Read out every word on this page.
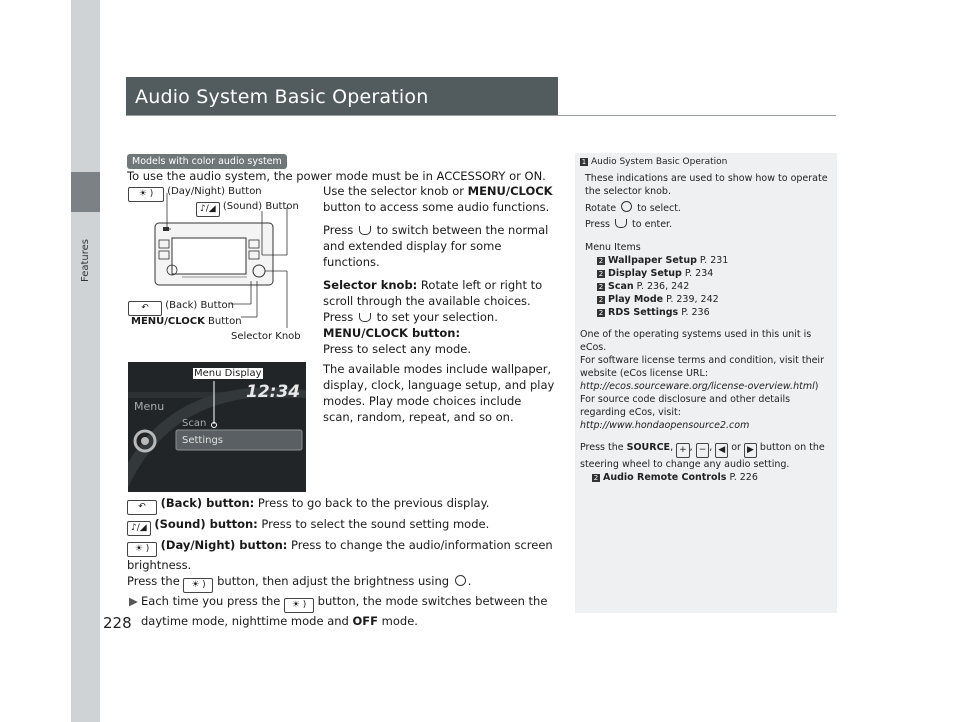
Features
228
Audio System Basic Operation
Models with color audio system
To use the audio system, the power mode must be in ACCESSORY or ON.
☀ ) (Day/Night) Button
♪/◢ (Sound) Button
↶ (Back) Button
MENU/CLOCK Button
Selector Knob
Use the selector knob or MENU/CLOCK button to access some audio functions.
Press  to switch between the normal and extended display for some functions.
Selector knob: Rotate left or right to scroll through the available choices. Press  to set your selection.
MENU/CLOCK button:
Press to select any mode.
The available modes include wallpaper, display, clock, language setup, and play modes. Play mode choices include scan, random, repeat, and so on.
12:34
Menu
Scan
Settings
Menu Display
↶ (Back) button: Press to go back to the previous display.
♪/◢ (Sound) button: Press to select the sound setting mode.
☀ ) (Day/Night) button: Press to change the audio/information screen brightness.
Press the ☀ ) button, then adjust the brightness using .
▶ Each time you press the ☀ ) button, the mode switches between the daytime mode, nighttime mode and OFF mode.
1 Audio System Basic Operation
These indications are used to show how to operate the selector knob.
Rotate  to select.
Press  to enter.
Menu Items
2 Wallpaper Setup P. 231
2 Display Setup P. 234
2 Scan P. 236, 242
2 Play Mode P. 239, 242
2 RDS Settings P. 236
One of the operating systems used in this unit is eCos.
For software license terms and condition, visit their website (eCos license URL:
http://ecos.sourceware.org/license-overview.html)
For source code disclosure and other details regarding eCos, visit:
http://www.hondaopensource2.com
Press the SOURCE, + , − , ◀ or ▶ button on the steering wheel to change any audio setting.
2 Audio Remote Controls P. 226
